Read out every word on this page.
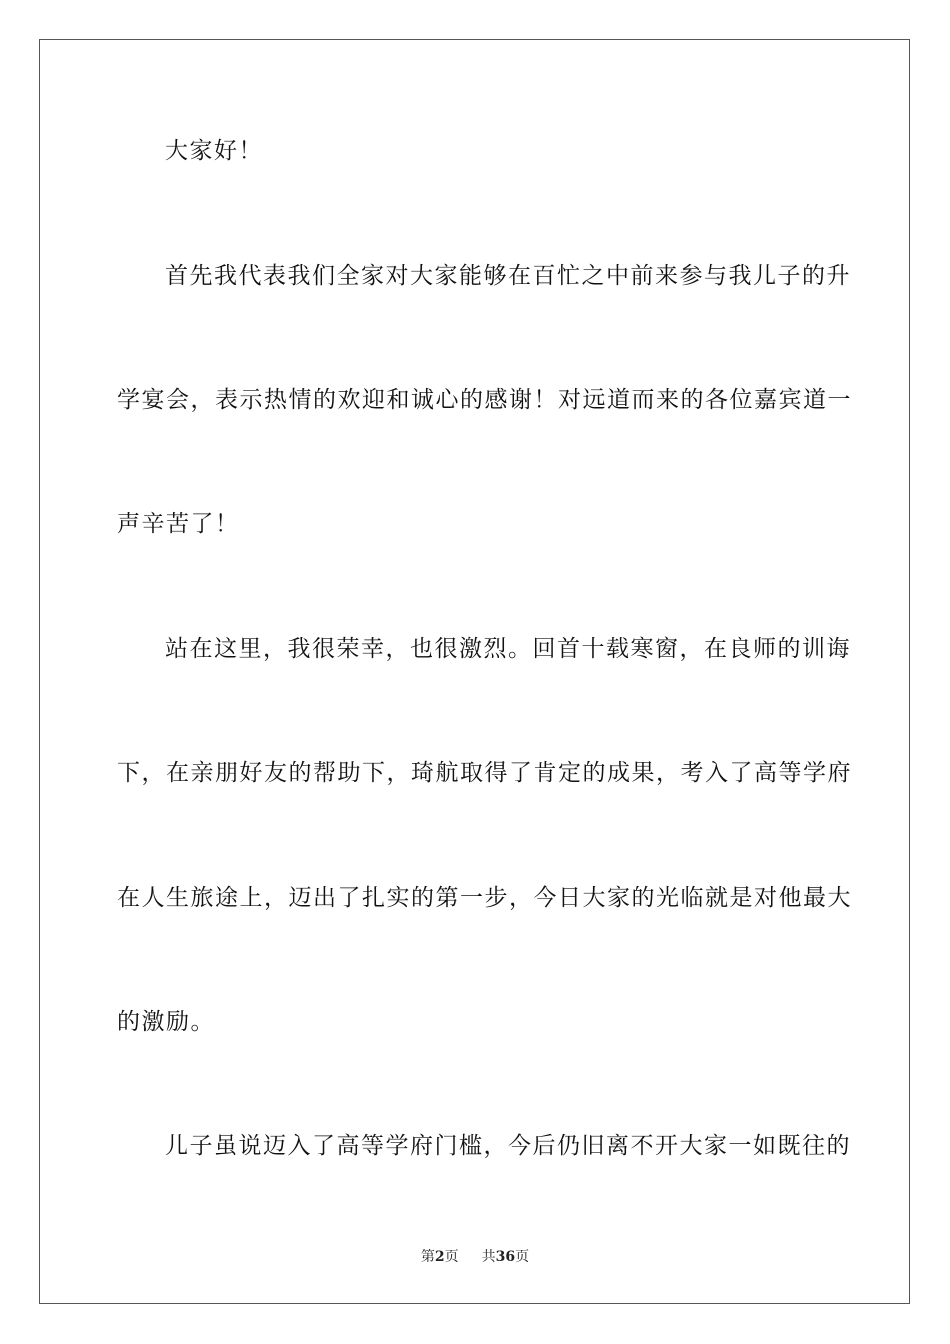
大家好！
首先我代表我们全家对大家能够在百忙之中前来参与我儿子的升
学宴会，表示热情的欢迎和诚心的感谢！对远道而来的各位嘉宾道一
声辛苦了！
站在这里，我很荣幸，也很激烈。回首十载寒窗，在良师的训诲
下，在亲朋好友的帮助下，琦航取得了肯定的成果，考入了高等学府
在人生旅途上，迈出了扎实的第一步，今日大家的光临就是对他最大
的激励。
儿子虽说迈入了高等学府门槛，今后仍旧离不开大家一如既往的
第2页 共36页
